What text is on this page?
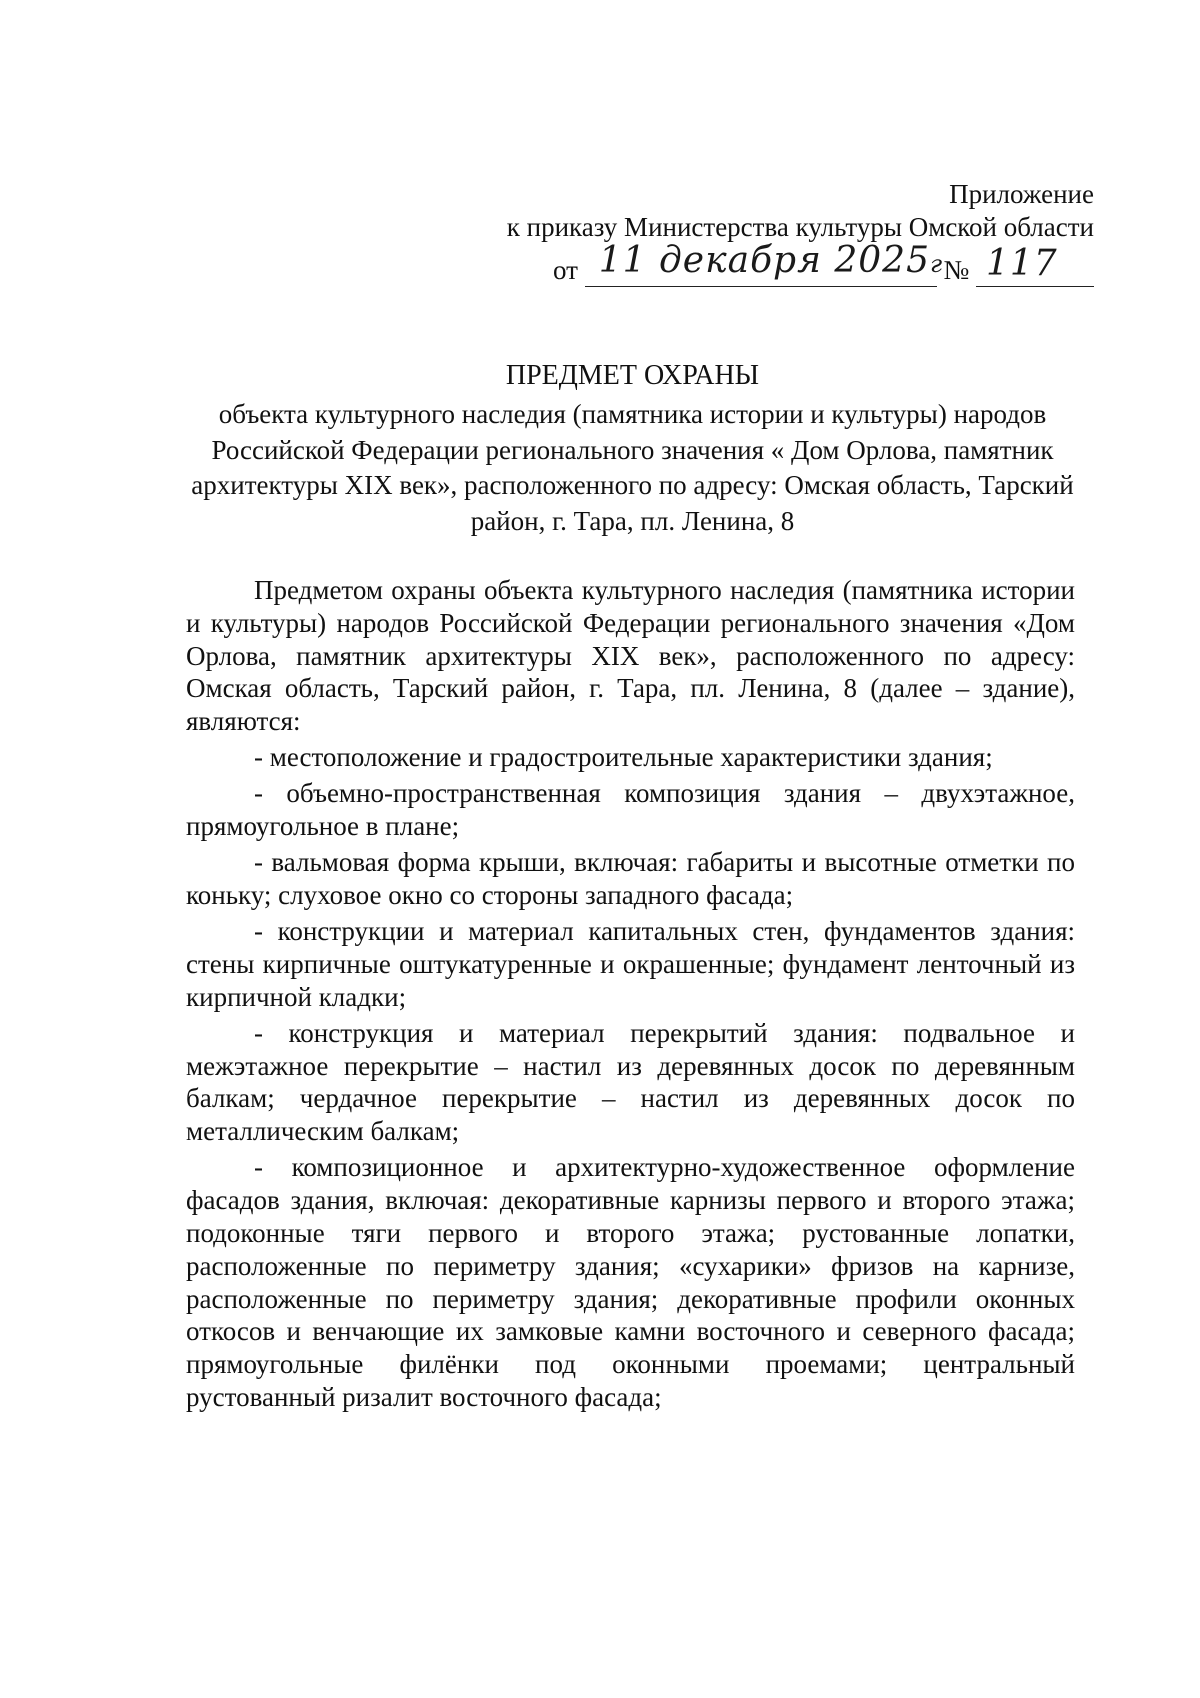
Приложение
к приказу Министерства культуры Омской области
от 11 декабря 2025г № 117
ПРЕДМЕТ ОХРАНЫ
объекта культурного наследия (памятника истории и культуры) народов Российской Федерации регионального значения « Дом Орлова, памятник архитектуры XIX век», расположенного по адресу: Омская область, Тарский район, г. Тара, пл. Ленина, 8

Предметом охраны объекта культурного наследия (памятника истории и культуры) народов Российской Федерации регионального значения «Дом Орлова, памятник архитектуры XIX век», расположенного по адресу: Омская область, Тарский район, г. Тара, пл. Ленина, 8 (далее – здание), являются:

- местоположение и градостроительные характеристики здания;

- объемно-пространственная композиция здания – двухэтажное, прямоугольное в плане;

- вальмовая форма крыши, включая: габариты и высотные отметки по коньку; слуховое окно со стороны западного фасада;

- конструкции и материал капитальных стен, фундаментов здания: стены кирпичные оштукатуренные и окрашенные; фундамент ленточный из кирпичной кладки;

- конструкция и материал перекрытий здания: подвальное и межэтажное перекрытие – настил из деревянных досок по деревянным балкам; чердачное перекрытие – настил из деревянных досок по металлическим балкам;

- композиционное и архитектурно-художественное оформление фасадов здания, включая: декоративные карнизы первого и второго этажа; подоконные тяги первого и второго этажа; рустованные лопатки, расположенные по периметру здания; «сухарики» фризов на карнизе, расположенные по периметру здания; декоративные профили оконных откосов и венчающие их замковые камни восточного и северного фасада; прямоугольные филёнки под оконными проемами; центральный рустованный ризалит восточного фасада;
